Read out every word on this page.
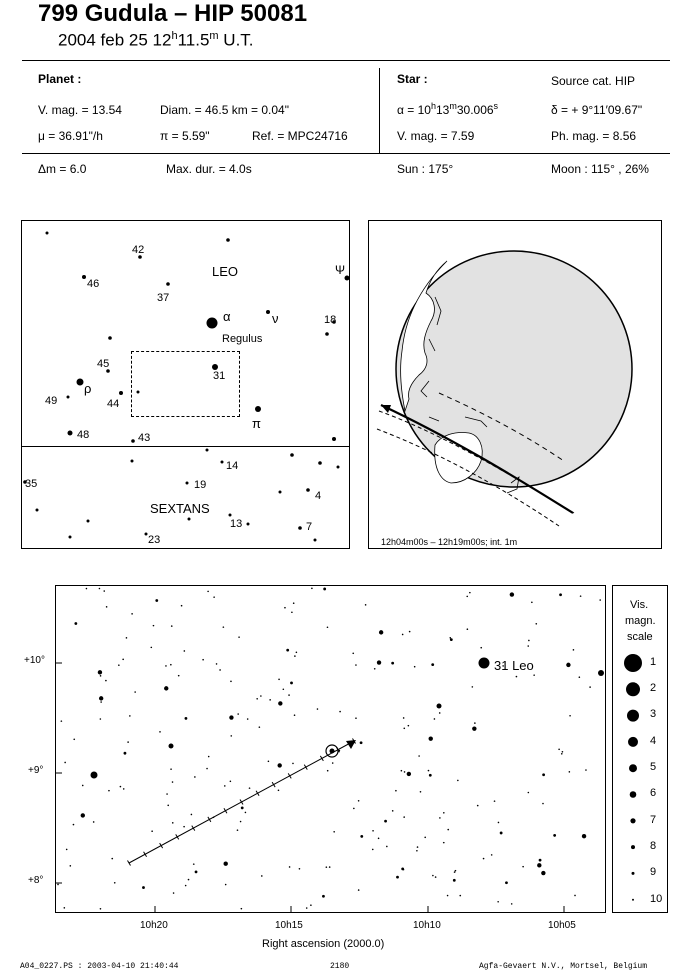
799 Gudula – HIP 50081
2004 feb 25 12$^h$11.5$^m$ U.T.
Planet :
V. mag. = 13.54	Diam. = 46.5 km = 0.04"
μ = 36.91"/h	π = 5.59"	Ref. = MPC24716
Star :	Source cat. HIP
$\alpha = 10^h13^m30.006^s$	δ = + 9°11′09.67"
V. mag. = 7.59	Ph. mag. = 8.56
Δm = 6.0	Max. dur. = 4.0s	Sun : 175°	Moon : 115° , 26%
LEO
SEXTANS
Regulus
α	ν
ρ
π
Ψ
42
46
37
18
45
31
49	44
48	43
14
35	19
4
13	7
23	12h04m00s – 12h19m00s; int. 1m
+10°
+9°
+8°
31 Leo
10h20	10h15	10h10	10h05
Right ascension (2000.0)
Vis.
magn.
scale
1
2
3
4
5
6
7
8
9
10
A04_0227.PS : 2003-04-10 21:40:44	2180	Agfa-Gevaert N.V., Mortsel, Belgium
